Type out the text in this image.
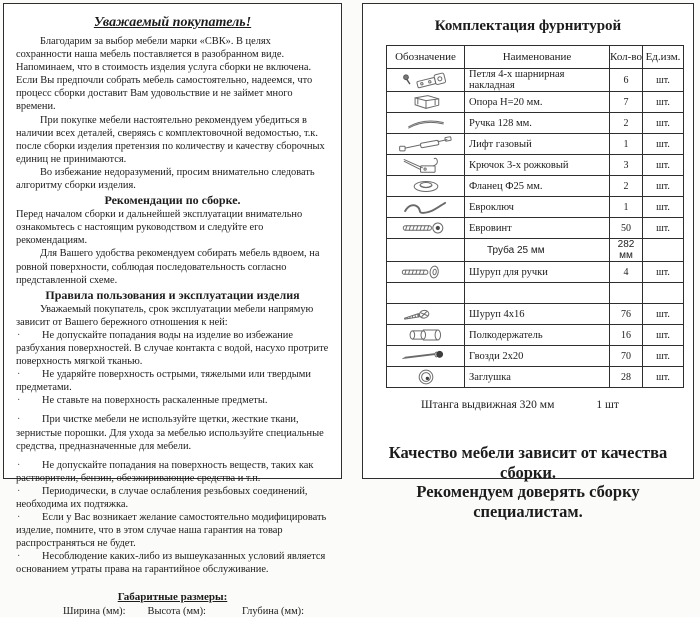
Уважаемый покупатель!
Благодарим за выбор мебели марки «СВК». В целях сохранности наша мебель поставляется в разобранном виде. Напоминаем, что в стоимость изделия услуга сборки не включена. Если Вы предпочли собрать мебель самостоятельно, надеемся, что процесс сборки доставит Вам удовольствие и не займет много времени.
При покупке мебели настоятельно рекомендуем убедиться в наличии всех деталей, сверяясь с комплектовочной ведомостью, т.к. после сборки изделия претензия по количеству и качеству сборочных единиц не принимаются.
Во избежание недоразумений, просим внимательно следовать алгоритму сборки изделия.
Рекомендации по сборке.
Перед началом сборки и дальнейшей эксплуатации внимательно ознакомьтесь с настоящим руководством и следуйте его рекомендациям.
Для Вашего удобства рекомендуем собирать мебель вдвоем, на ровной поверхности, соблюдая последовательность согласно представленной схеме.
Правила пользования и эксплуатации изделия
Уважаемый покупатель, срок эксплуатации мебели напрямую зависит от Вашего бережного отношения к ней:
· Не допускайте попадания воды на изделие во избежание разбухания поверхностей. В случае контакта с водой, насухо протрите поверхность мягкой тканью.
· Не ударяйте поверхность острыми, тяжелыми или твердыми предметами.
· Не ставьте на поверхность раскаленные предметы.
· При чистке мебели не используйте щетки, жесткие ткани, зернистые порошки. Для ухода за мебелью используйте специальные средства, предназначенные для мебели.
· Не допускайте попадания на поверхность веществ, таких как растворители, бензин, обезжиривающие средства и т.п.
· Периодически, в случае ослабления резьбовых соединений, необходима их подтяжка.
· Если у Вас возникает желание самостоятельно модифицировать изделие, помните, что в этом случае наша гарантия на товар распространяться не будет.
· Несоблюдение каких-либо из вышеуказанных условий является основанием утраты права на гарантийное обслуживание.
Габаритные размеры:
Ширина (мм): Высота (мм):	Глубина (мм):
Комплектация фурнитурой
Обозначение	Наименование	Кол-во	Ед.изм.

	Петля 4-х шарнирная накладная	6	шт.

	Опора Н=20 мм.	7	шт.

	Ручка 128 мм.	2	шт.

	Лифт газовый	1	шт.

	Крючок 3-х рожковый	3	шт.

	Фланец Ф25 мм.	2	шт.

	Евроключ	1	шт.

	Евровинт	50	шт.
	Труба 25 мм	282 мм	

	Шуруп для ручки	4	шт.

	Шуруп 4х16	76	шт.

	Полкодержатель	16	шт.

	Гвозди 2х20	70	шт.

	Заглушка	28	шт.
Штанга выдвижная 320 мм	1 шт
Качество мебели зависит от качества сборки.
Рекомендуем доверять сборку специалистам.
